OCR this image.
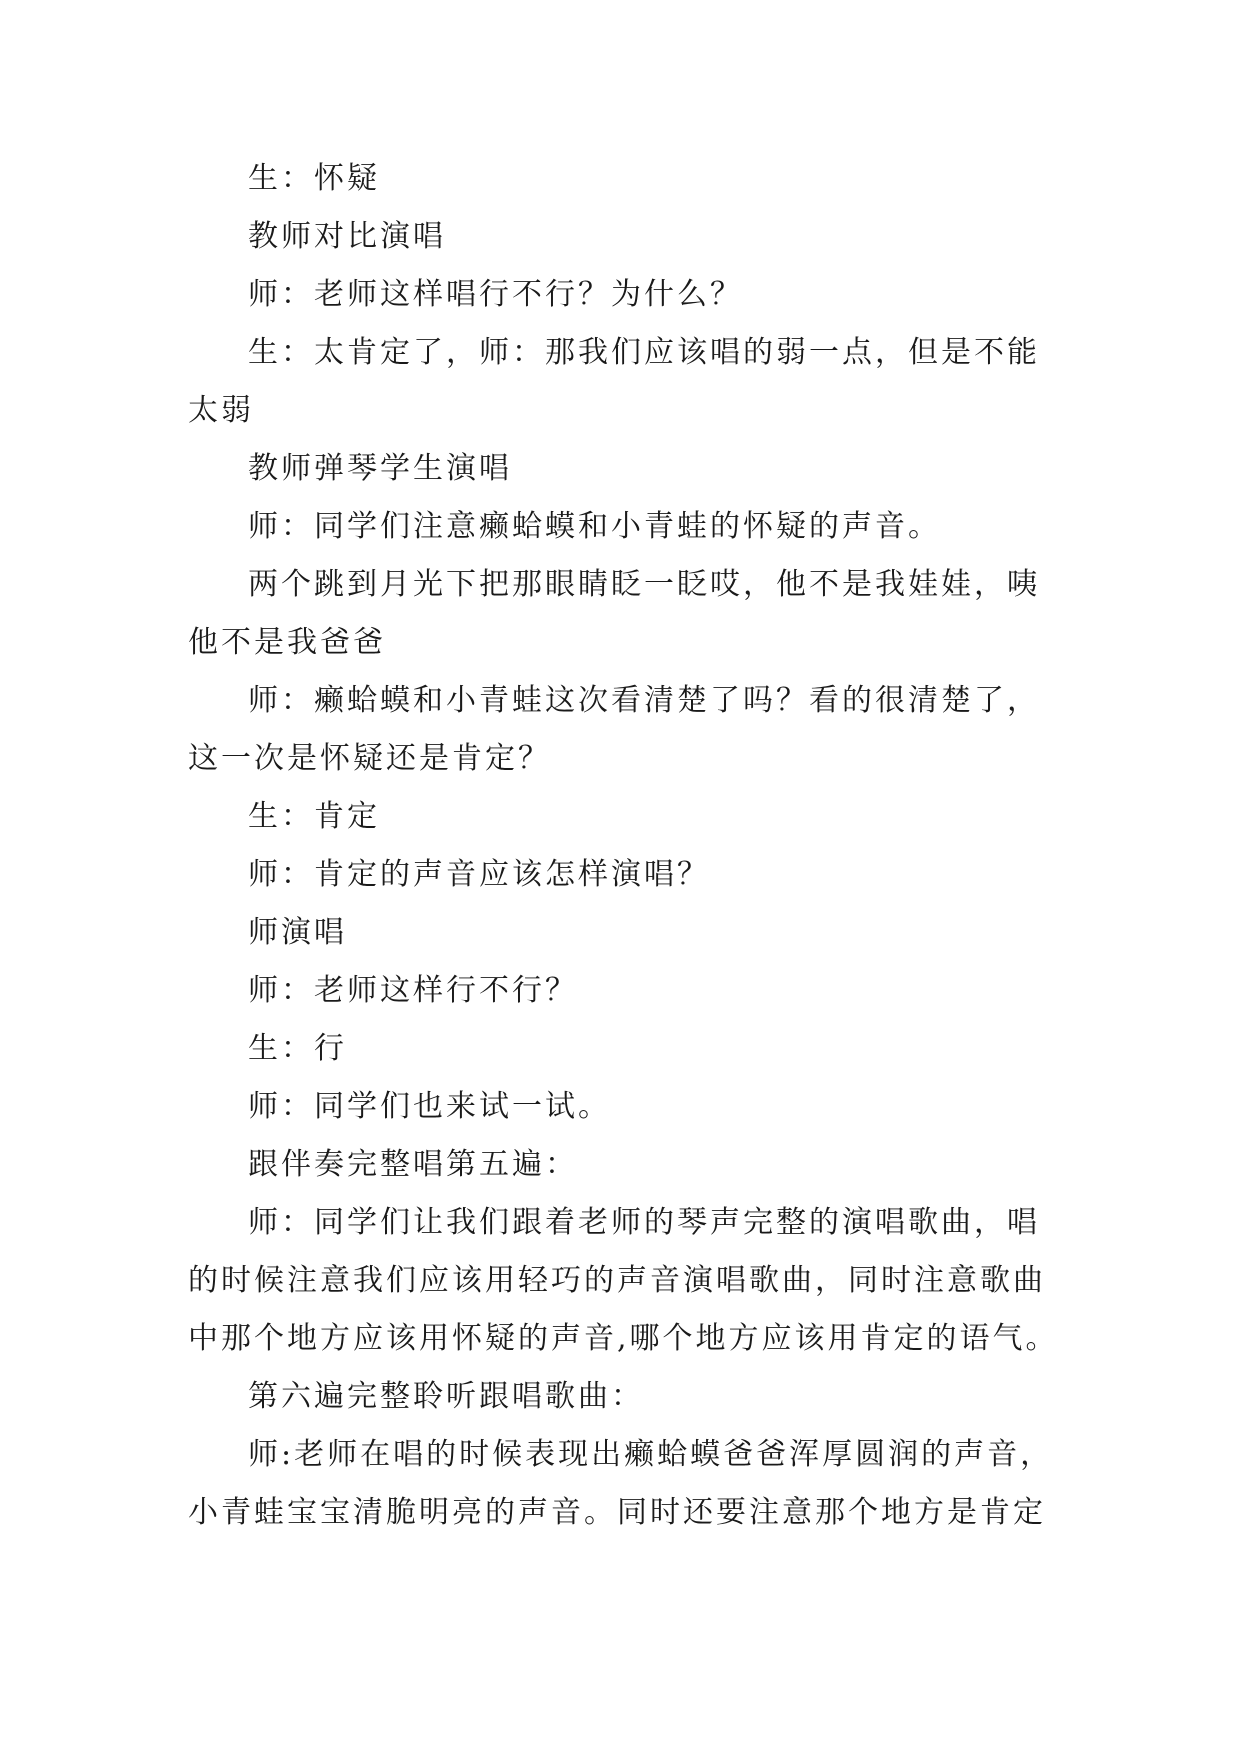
生：怀疑

教师对比演唱

师：老师这样唱行不行？为什么？

生：太肯定了，师：那我们应该唱的弱一点，但是不能太弱

教师弹琴学生演唱

师：同学们注意癞蛤蟆和小青蛙的怀疑的声音。

两个跳到月光下把那眼睛眨一眨哎，他不是我娃娃，咦他不是我爸爸

师：癞蛤蟆和小青蛙这次看清楚了吗？看的很清楚了，这一次是怀疑还是肯定？

生：肯定

师：肯定的声音应该怎样演唱？

师演唱

师：老师这样行不行？

生：行

师：同学们也来试一试。

跟伴奏完整唱第五遍：

师：同学们让我们跟着老师的琴声完整的演唱歌曲，唱的时候注意我们应该用轻巧的声音演唱歌曲，同时注意歌曲中那个地方应该用怀疑的声音,哪个地方应该用肯定的语气。

第六遍完整聆听跟唱歌曲：

师:老师在唱的时候表现出癞蛤蟆爸爸浑厚圆润的声音，小青蛙宝宝清脆明亮的声音。同时还要注意那个地方是肯定
